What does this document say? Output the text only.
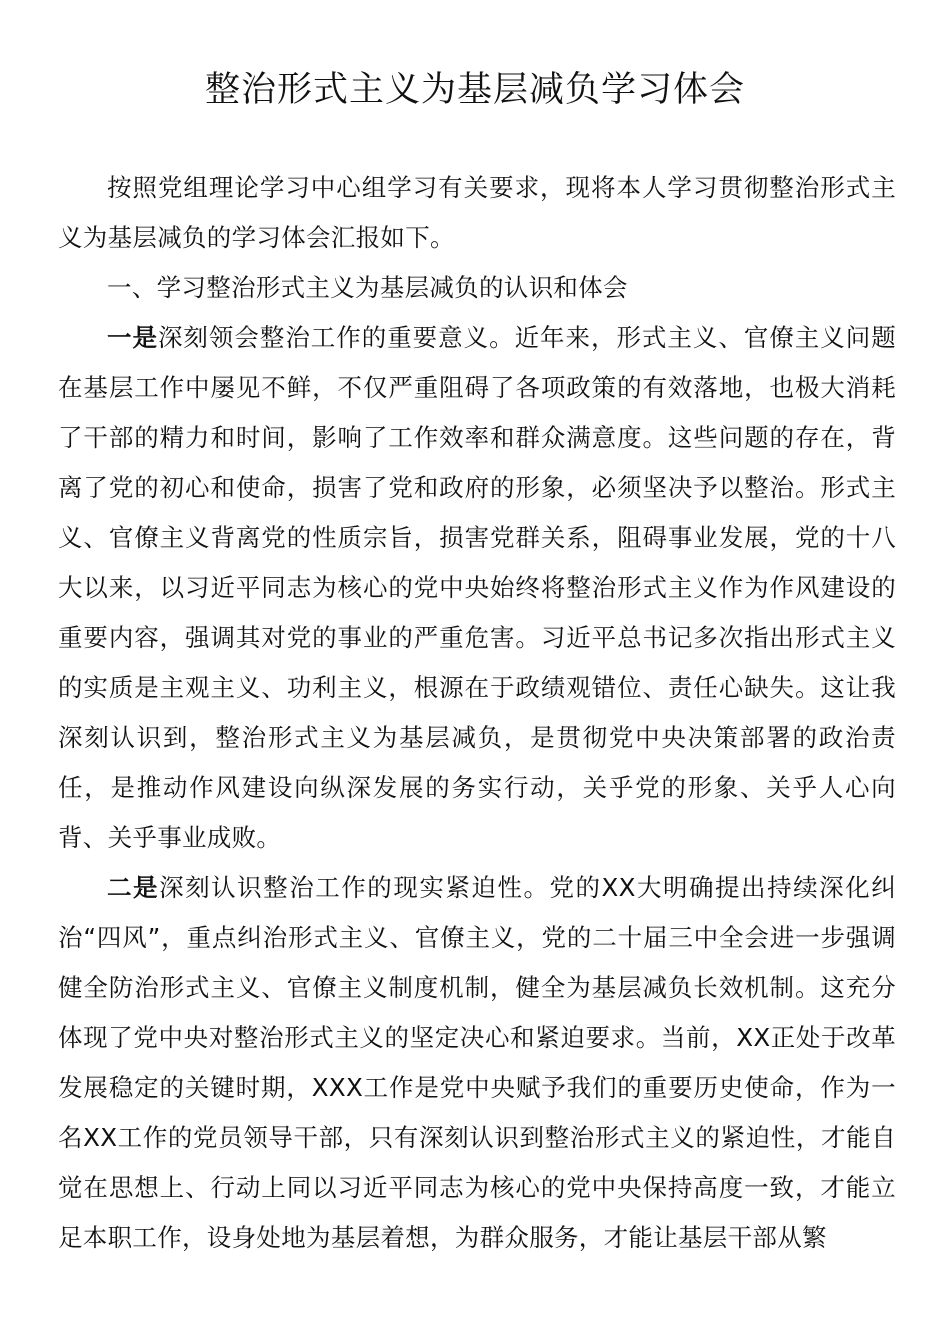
整治形式主义为基层减负学习体会

按照党组理论学习中心组学习有关要求，现将本人学习贯彻整治形式主义为基层减负的学习体会汇报如下。

一、学习整治形式主义为基层减负的认识和体会

一是深刻领会整治工作的重要意义。近年来，形式主义、官僚主义问题在基层工作中屡见不鲜，不仅严重阻碍了各项政策的有效落地，也极大消耗了干部的精力和时间，影响了工作效率和群众满意度。这些问题的存在，背离了党的初心和使命，损害了党和政府的形象，必须坚决予以整治。形式主义、官僚主义背离党的性质宗旨，损害党群关系，阻碍事业发展，党的十八大以来，以习近平同志为核心的党中央始终将整治形式主义作为作风建设的重要内容，强调其对党的事业的严重危害。习近平总书记多次指出形式主义的实质是主观主义、功利主义，根源在于政绩观错位、责任心缺失。这让我深刻认识到，整治形式主义为基层减负，是贯彻党中央决策部署的政治责任，是推动作风建设向纵深发展的务实行动，关乎党的形象、关乎人心向背、关乎事业成败。

二是深刻认识整治工作的现实紧迫性。党的XX大明确提出持续深化纠治“四风”，重点纠治形式主义、官僚主义，党的二十届三中全会进一步强调健全防治形式主义、官僚主义制度机制，健全为基层减负长效机制。这充分体现了党中央对整治形式主义的坚定决心和紧迫要求。当前，XX正处于改革发展稳定的关键时期，XXX工作是党中央赋予我们的重要历史使命，作为一名XX工作的党员领导干部，只有深刻认识到整治形式主义的紧迫性，才能自觉在思想上、行动上同以习近平同志为核心的党中央保持高度一致，才能立足本职工作，设身处地为基层着想，为群众服务，才能让基层干部从繁
